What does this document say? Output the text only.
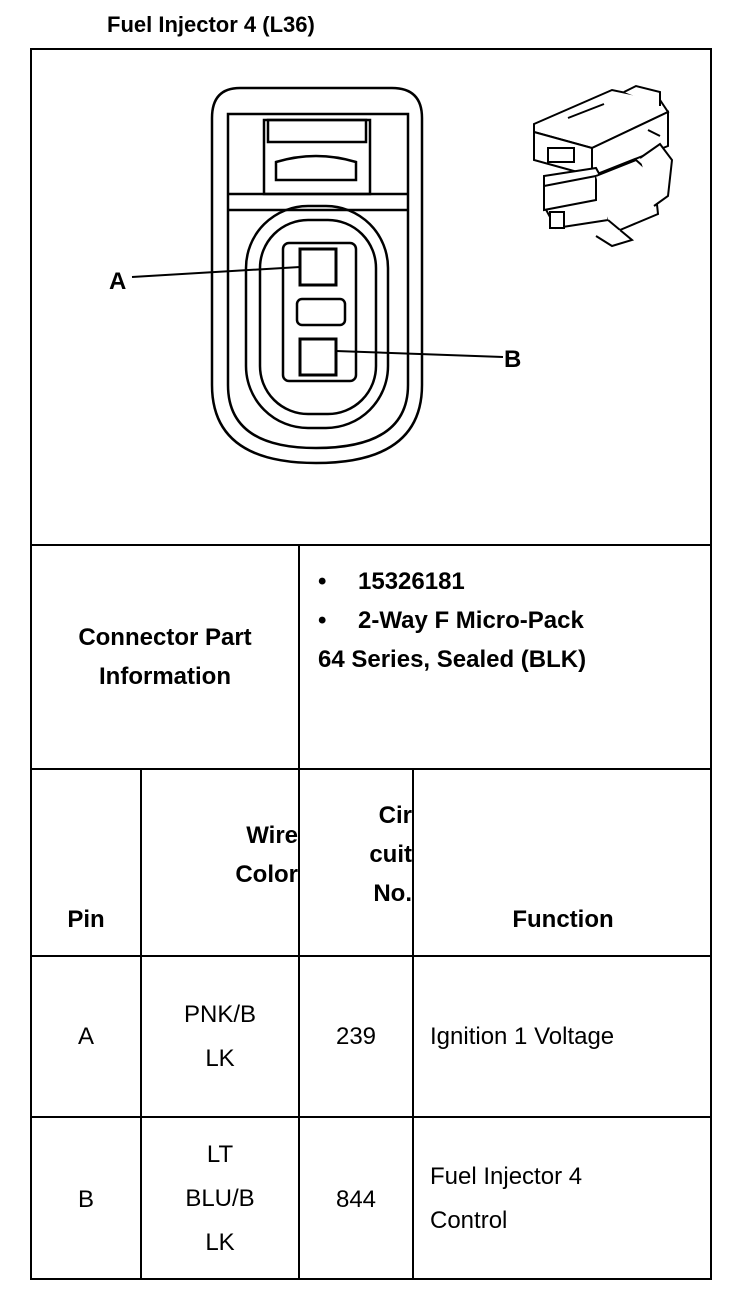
Fuel Injector 4 (L36)
A
B
Connector Part
Information
• 15326181
• 2-Way F Micro-Pack
64 Series, Sealed (BLK)
Pin
Wire
Color
Cir
cuit
No.
Function
A
PNK/B
LK
239 Ignition 1 Voltage
B
LT
BLU/B
LK
844
Fuel Injector 4
Control
